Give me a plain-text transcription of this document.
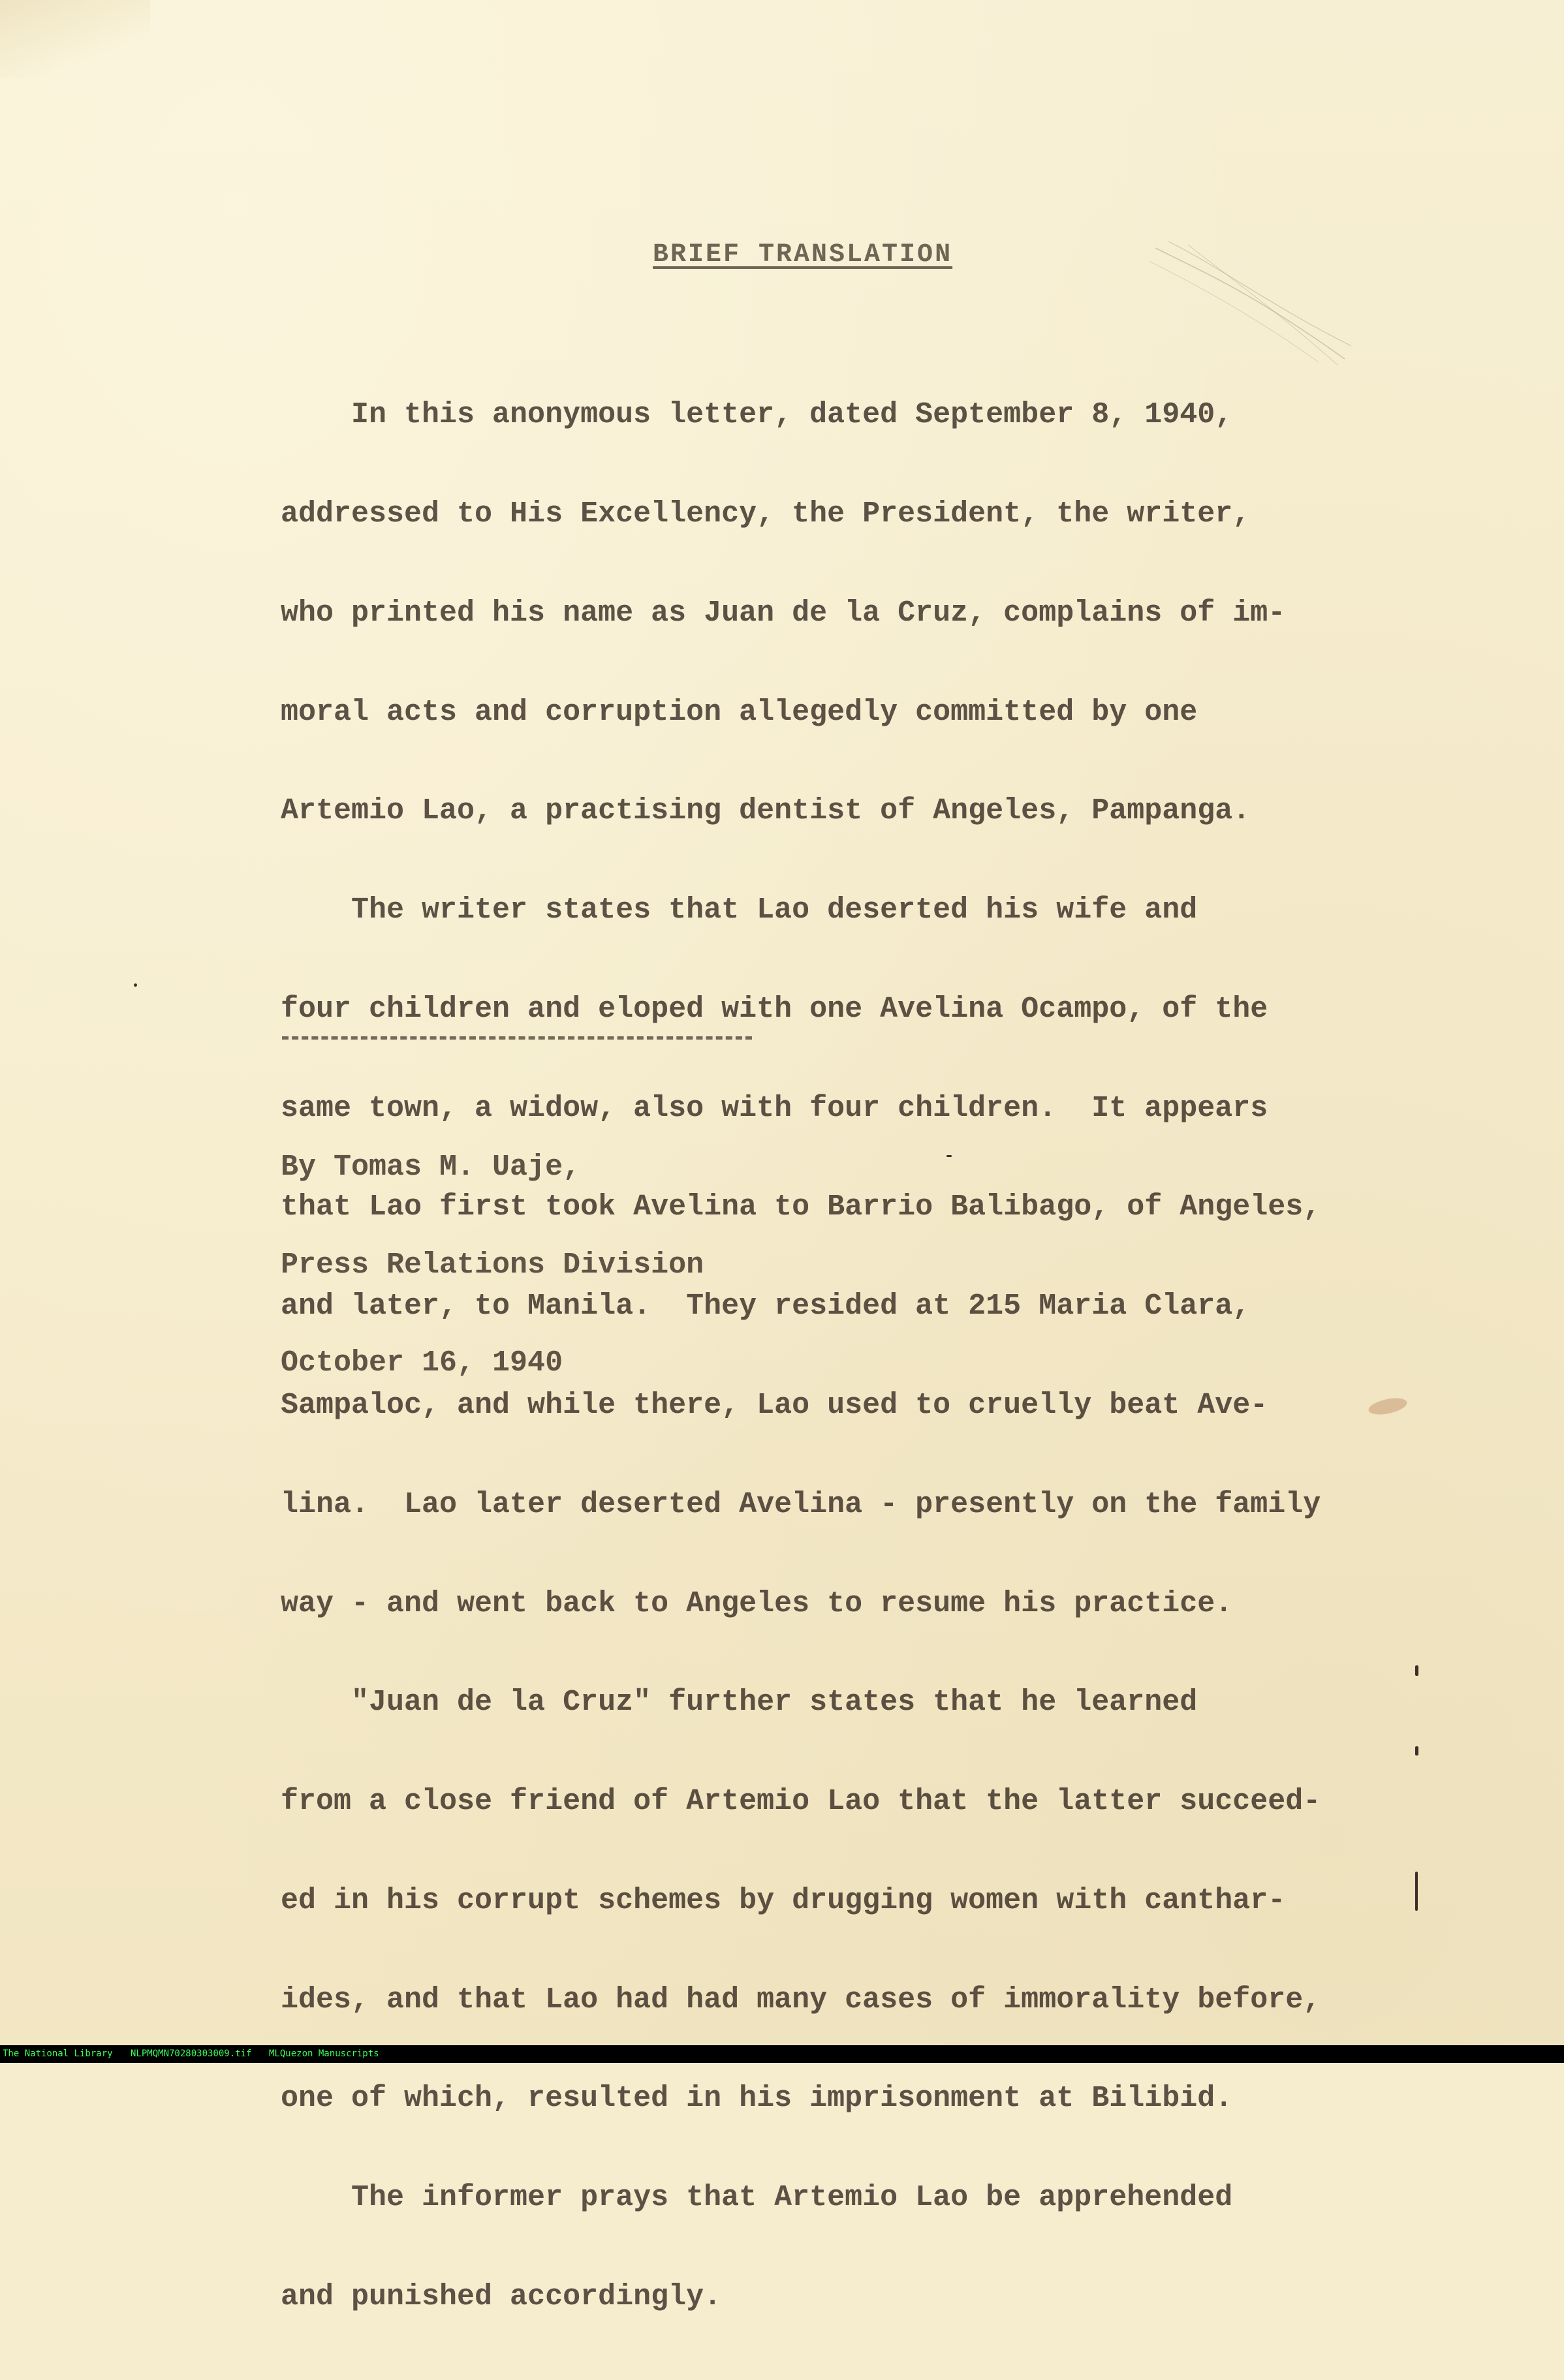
BRIEF TRANSLATION

In this anonymous letter, dated September 8, 1940,

addressed to His Excellency, the President, the writer,

who printed his name as Juan de la Cruz, complains of im-

moral acts and corruption allegedly committed by one

Artemio Lao, a practising dentist of Angeles, Pampanga.

The writer states that Lao deserted his wife and

four children and eloped with one Avelina Ocampo, of the

same town, a widow, also with four children.  It appears

that Lao first took Avelina to Barrio Balibago, of Angeles,

and later, to Manila.  They resided at 215 Maria Clara,

Sampaloc, and while there, Lao used to cruelly beat Ave-

lina.  Lao later deserted Avelina - presently on the family

way - and went back to Angeles to resume his practice.

"Juan de la Cruz" further states that he learned

from a close friend of Artemio Lao that the latter succeed-

ed in his corrupt schemes by drugging women with canthar-

ides, and that Lao had had many cases of immorality before,

one of which, resulted in his imprisonment at Bilibid.

The informer prays that Artemio Lao be apprehended

and punished accordingly.

By Tomas M. Uaje,

Press Relations Division

October 16, 1940

The National Library NLPMQMN70280303009.tif MLQuezon Manuscripts
